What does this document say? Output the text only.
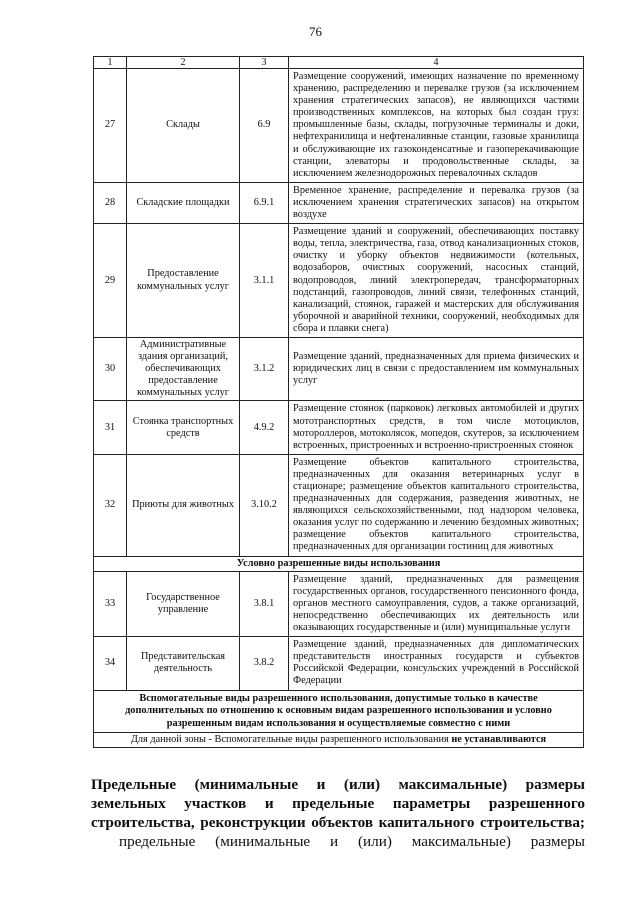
76
1	2	3	4
27	Склады	6.9	Размещение сооружений, имеющих назначение по временному хранению, распределению и перевалке грузов (за исключением хранения стратегических запасов), не являющихся частями производственных комплексов, на которых был создан груз: промышленные базы, склады, погрузочные терминалы и доки, нефтехранилища и нефтеналивные станции, газовые хранилища и обслуживающие их газоконденсатные и газоперекачивающие станции, элеваторы и продовольственные склады, за исключением железнодорожных перевалочных складов
28	Складские площадки	6.9.1	Временное хранение, распределение и перевалка грузов (за исключением хранения стратегических запасов) на открытом воздухе
29	Предоставление коммунальных услуг	3.1.1	Размещение зданий и сооружений, обеспечивающих поставку воды, тепла, электричества, газа, отвод канализационных стоков, очистку и уборку объектов недвижимости (котельных, водозаборов, очистных сооружений, насосных станций, водопроводов, линий электропередач, трансформаторных подстанций, газопроводов, линий связи, телефонных станций, канализаций, стоянок, гаражей и мастерских для обслуживания уборочной и аварийной техники, сооружений, необходимых для сбора и плавки снега)
30	Административные здания организаций, обеспечивающих предоставление коммунальных услуг	3.1.2	Размещение зданий, предназначенных для приема физических и юридических лиц в связи с предоставлением им коммунальных услуг
31	Стоянка транспортных средств	4.9.2	Размещение стоянок (парковок) легковых автомобилей и других мототранспортных средств, в том числе мотоциклов, мотороллеров, мотоколясок, мопедов, скутеров, за исключением встроенных, пристроенных и встроенно-пристроенных стоянок
32	Приюты для животных	3.10.2	Размещение объектов капитального строительства, предназначенных для оказания ветеринарных услуг в стационаре; размещение объектов капитального строительства, предназначенных для содержания, разведения животных, не являющихся сельскохозяйственными, под надзором человека, оказания услуг по содержанию и лечению бездомных животных; размещение объектов капитального строительства, предназначенных для организации гостиниц для животных
Условно разрешенные виды использования			
33	Государственное управление	3.8.1	Размещение зданий, предназначенных для размещения государственных органов, государственного пенсионного фонда, органов местного самоуправления, судов, а также организаций, непосредственно обеспечивающих их деятельность или оказывающих государственные и (или) муниципальные услуги
34	Представительская деятельность	3.8.2	Размещение зданий, предназначенных для дипломатических представительств иностранных государств и субъектов Российской Федерации, консульских учреждений в Российской Федерации
Вспомогательные виды разрешенного использования, допустимые только в качестве дополнительных по отношению к основным видам разрешенного использования и условно разрешенным видам использования и осуществляемые совместно с ними			
Для данной зоны - Вспомогательные виды разрешенного использования не устанавливаются			
Предельные (минимальные и (или) максимальные) размеры земельных участков и предельные параметры разрешенного строительства, реконструкции объектов капитального строительства;
предельные (минимальные и (или) максимальные) размеры
